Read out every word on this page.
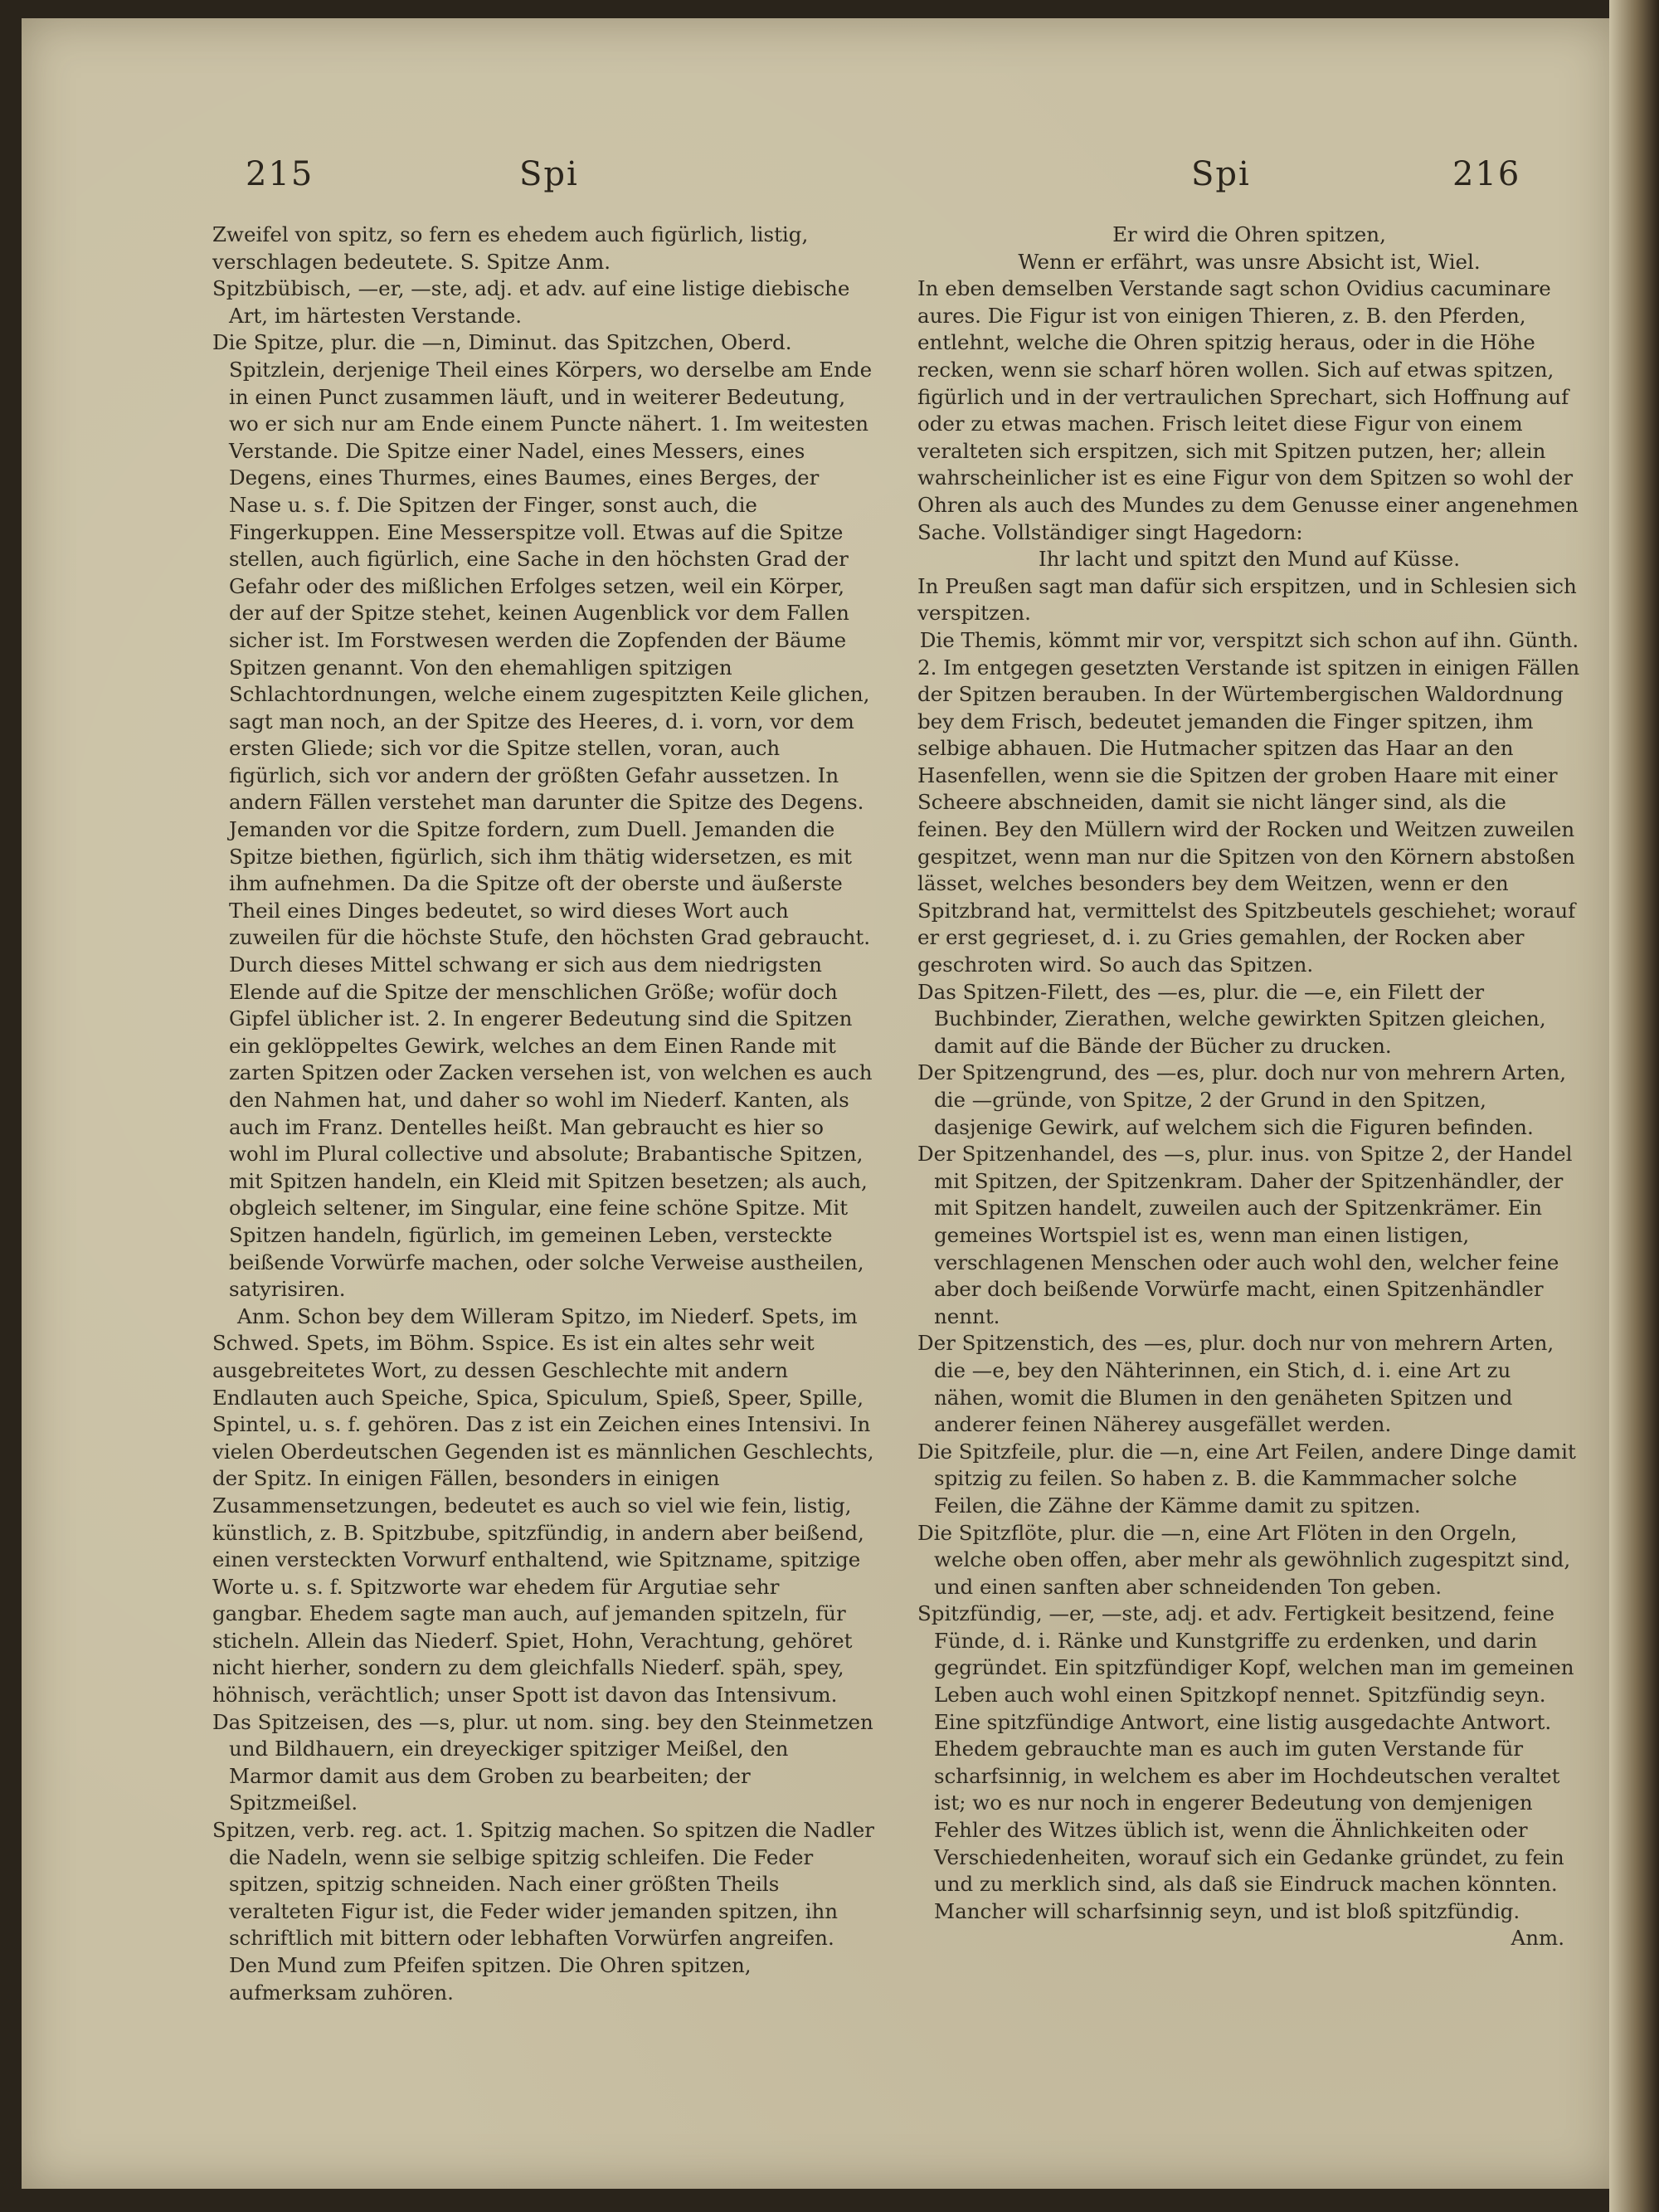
215	Spi	Spi	216

Zweifel von spitz, so fern es ehedem auch figürlich, listig, verschlagen bedeutete. S. Spitze Anm.

Spitzbübisch, —er, —ste, adj. et adv. auf eine listige diebische Art, im härtesten Verstande.

Die Spitze, plur. die —n, Diminut. das Spitzchen, Oberd. Spitzlein, derjenige Theil eines Körpers, wo derselbe am Ende in einen Punct zusammen läuft, und in weiterer Bedeutung, wo er sich nur am Ende einem Puncte nähert. 1. Im weitesten Verstande. Die Spitze einer Nadel, eines Messers, eines Degens, eines Thurmes, eines Baumes, eines Berges, der Nase u. s. f. Die Spitzen der Finger, sonst auch, die Fingerkuppen. Eine Messerspitze voll. Etwas auf die Spitze stellen, auch figürlich, eine Sache in den höchsten Grad der Gefahr oder des mißlichen Erfolges setzen, weil ein Körper, der auf der Spitze stehet, keinen Augenblick vor dem Fallen sicher ist. Im Forstwesen werden die Zopfenden der Bäume Spitzen genannt. Von den ehemahligen spitzigen Schlachtordnungen, welche einem zugespitzten Keile glichen, sagt man noch, an der Spitze des Heeres, d. i. vorn, vor dem ersten Gliede; sich vor die Spitze stellen, voran, auch figürlich, sich vor andern der größten Gefahr aussetzen. In andern Fällen verstehet man darunter die Spitze des Degens. Jemanden vor die Spitze fordern, zum Duell. Jemanden die Spitze biethen, figürlich, sich ihm thätig widersetzen, es mit ihm aufnehmen. Da die Spitze oft der oberste und äußerste Theil eines Dinges bedeutet, so wird dieses Wort auch zuweilen für die höchste Stufe, den höchsten Grad gebraucht. Durch dieses Mittel schwang er sich aus dem niedrigsten Elende auf die Spitze der menschlichen Größe; wofür doch Gipfel üblicher ist. 2. In engerer Bedeutung sind die Spitzen ein geklöppeltes Gewirk, welches an dem Einen Rande mit zarten Spitzen oder Zacken versehen ist, von welchen es auch den Nahmen hat, und daher so wohl im Niederf. Kanten, als auch im Franz. Dentelles heißt. Man gebraucht es hier so wohl im Plural collective und absolute; Brabantische Spitzen, mit Spitzen handeln, ein Kleid mit Spitzen besetzen; als auch, obgleich seltener, im Singular, eine feine schöne Spitze. Mit Spitzen handeln, figürlich, im gemeinen Leben, versteckte beißende Vorwürfe machen, oder solche Verweise austheilen, satyrisiren.

Anm. Schon bey dem Willeram Spitzo, im Niederf. Spets, im Schwed. Spets, im Böhm. Sspice. Es ist ein altes sehr weit ausgebreitetes Wort, zu dessen Geschlechte mit andern Endlauten auch Speiche, Spica, Spiculum, Spieß, Speer, Spille, Spintel, u. s. f. gehören. Das z ist ein Zeichen eines Intensivi. In vielen Oberdeutschen Gegenden ist es männlichen Geschlechts, der Spitz. In einigen Fällen, besonders in einigen Zusammensetzungen, bedeutet es auch so viel wie fein, listig, künstlich, z. B. Spitzbube, spitzfündig, in andern aber beißend, einen versteckten Vorwurf enthaltend, wie Spitzname, spitzige Worte u. s. f. Spitzworte war ehedem für Argutiae sehr gangbar. Ehedem sagte man auch, auf jemanden spitzeln, für sticheln. Allein das Niederf. Spiet, Hohn, Verachtung, gehöret nicht hierher, sondern zu dem gleichfalls Niederf. späh, spey, höhnisch, verächtlich; unser Spott ist davon das Intensivum.

Das Spitzeisen, des —s, plur. ut nom. sing. bey den Steinmetzen und Bildhauern, ein dreyeckiger spitziger Meißel, den Marmor damit aus dem Groben zu bearbeiten; der Spitzmeißel.

Spitzen, verb. reg. act. 1. Spitzig machen. So spitzen die Nadler die Nadeln, wenn sie selbige spitzig schleifen. Die Feder spitzen, spitzig schneiden. Nach einer größten Theils veralteten Figur ist, die Feder wider jemanden spitzen, ihn schriftlich mit bittern oder lebhaften Vorwürfen angreifen. Den Mund zum Pfeifen spitzen. Die Ohren spitzen, aufmerksam zuhören.

Er wird die Ohren spitzen,

Wenn er erfährt, was unsre Absicht ist, Wiel.

In eben demselben Verstande sagt schon Ovidius cacuminare aures. Die Figur ist von einigen Thieren, z. B. den Pferden, entlehnt, welche die Ohren spitzig heraus, oder in die Höhe recken, wenn sie scharf hören wollen. Sich auf etwas spitzen, figürlich und in der vertraulichen Sprechart, sich Hoffnung auf oder zu etwas machen. Frisch leitet diese Figur von einem veralteten sich erspitzen, sich mit Spitzen putzen, her; allein wahrscheinlicher ist es eine Figur von dem Spitzen so wohl der Ohren als auch des Mundes zu dem Genusse einer angenehmen Sache. Vollständiger singt Hagedorn:

Ihr lacht und spitzt den Mund auf Küsse.

In Preußen sagt man dafür sich erspitzen, und in Schlesien sich verspitzen.

Die Themis, kömmt mir vor, verspitzt sich schon auf ihn. Günth.

2. Im entgegen gesetzten Verstande ist spitzen in einigen Fällen der Spitzen berauben. In der Würtembergischen Waldordnung bey dem Frisch, bedeutet jemanden die Finger spitzen, ihm selbige abhauen. Die Hutmacher spitzen das Haar an den Hasenfellen, wenn sie die Spitzen der groben Haare mit einer Scheere abschneiden, damit sie nicht länger sind, als die feinen. Bey den Müllern wird der Rocken und Weitzen zuweilen gespitzet, wenn man nur die Spitzen von den Körnern abstoßen lässet, welches besonders bey dem Weitzen, wenn er den Spitzbrand hat, vermittelst des Spitzbeutels geschiehet; worauf er erst gegrieset, d. i. zu Gries gemahlen, der Rocken aber geschroten wird. So auch das Spitzen.

Das Spitzen-Filett, des —es, plur. die —e, ein Filett der Buchbinder, Zierathen, welche gewirkten Spitzen gleichen, damit auf die Bände der Bücher zu drucken.

Der Spitzengrund, des —es, plur. doch nur von mehrern Arten, die —gründe, von Spitze, 2 der Grund in den Spitzen, dasjenige Gewirk, auf welchem sich die Figuren befinden.

Der Spitzenhandel, des —s, plur. inus. von Spitze 2, der Handel mit Spitzen, der Spitzenkram. Daher der Spitzenhändler, der mit Spitzen handelt, zuweilen auch der Spitzenkrämer. Ein gemeines Wortspiel ist es, wenn man einen listigen, verschlagenen Menschen oder auch wohl den, welcher feine aber doch beißende Vorwürfe macht, einen Spitzenhändler nennt.

Der Spitzenstich, des —es, plur. doch nur von mehrern Arten, die —e, bey den Nähterinnen, ein Stich, d. i. eine Art zu nähen, womit die Blumen in den genäheten Spitzen und anderer feinen Näherey ausgefället werden.

Die Spitzfeile, plur. die —n, eine Art Feilen, andere Dinge damit spitzig zu feilen. So haben z. B. die Kammmacher solche Feilen, die Zähne der Kämme damit zu spitzen.

Die Spitzflöte, plur. die —n, eine Art Flöten in den Orgeln, welche oben offen, aber mehr als gewöhnlich zugespitzt sind, und einen sanften aber schneidenden Ton geben.

Spitzfündig, —er, —ste, adj. et adv. Fertigkeit besitzend, feine Fünde, d. i. Ränke und Kunstgriffe zu erdenken, und darin gegründet. Ein spitzfündiger Kopf, welchen man im gemeinen Leben auch wohl einen Spitzkopf nennet. Spitzfündig seyn. Eine spitzfündige Antwort, eine listig ausgedachte Antwort. Ehedem gebrauchte man es auch im guten Verstande für scharfsinnig, in welchem es aber im Hochdeutschen veraltet ist; wo es nur noch in engerer Bedeutung von demjenigen Fehler des Witzes üblich ist, wenn die Ähnlichkeiten oder Verschiedenheiten, worauf sich ein Gedanke gründet, zu fein und zu merklich sind, als daß sie Eindruck machen könnten. Mancher will scharfsinnig seyn, und ist bloß spitzfündig.

Anm.
